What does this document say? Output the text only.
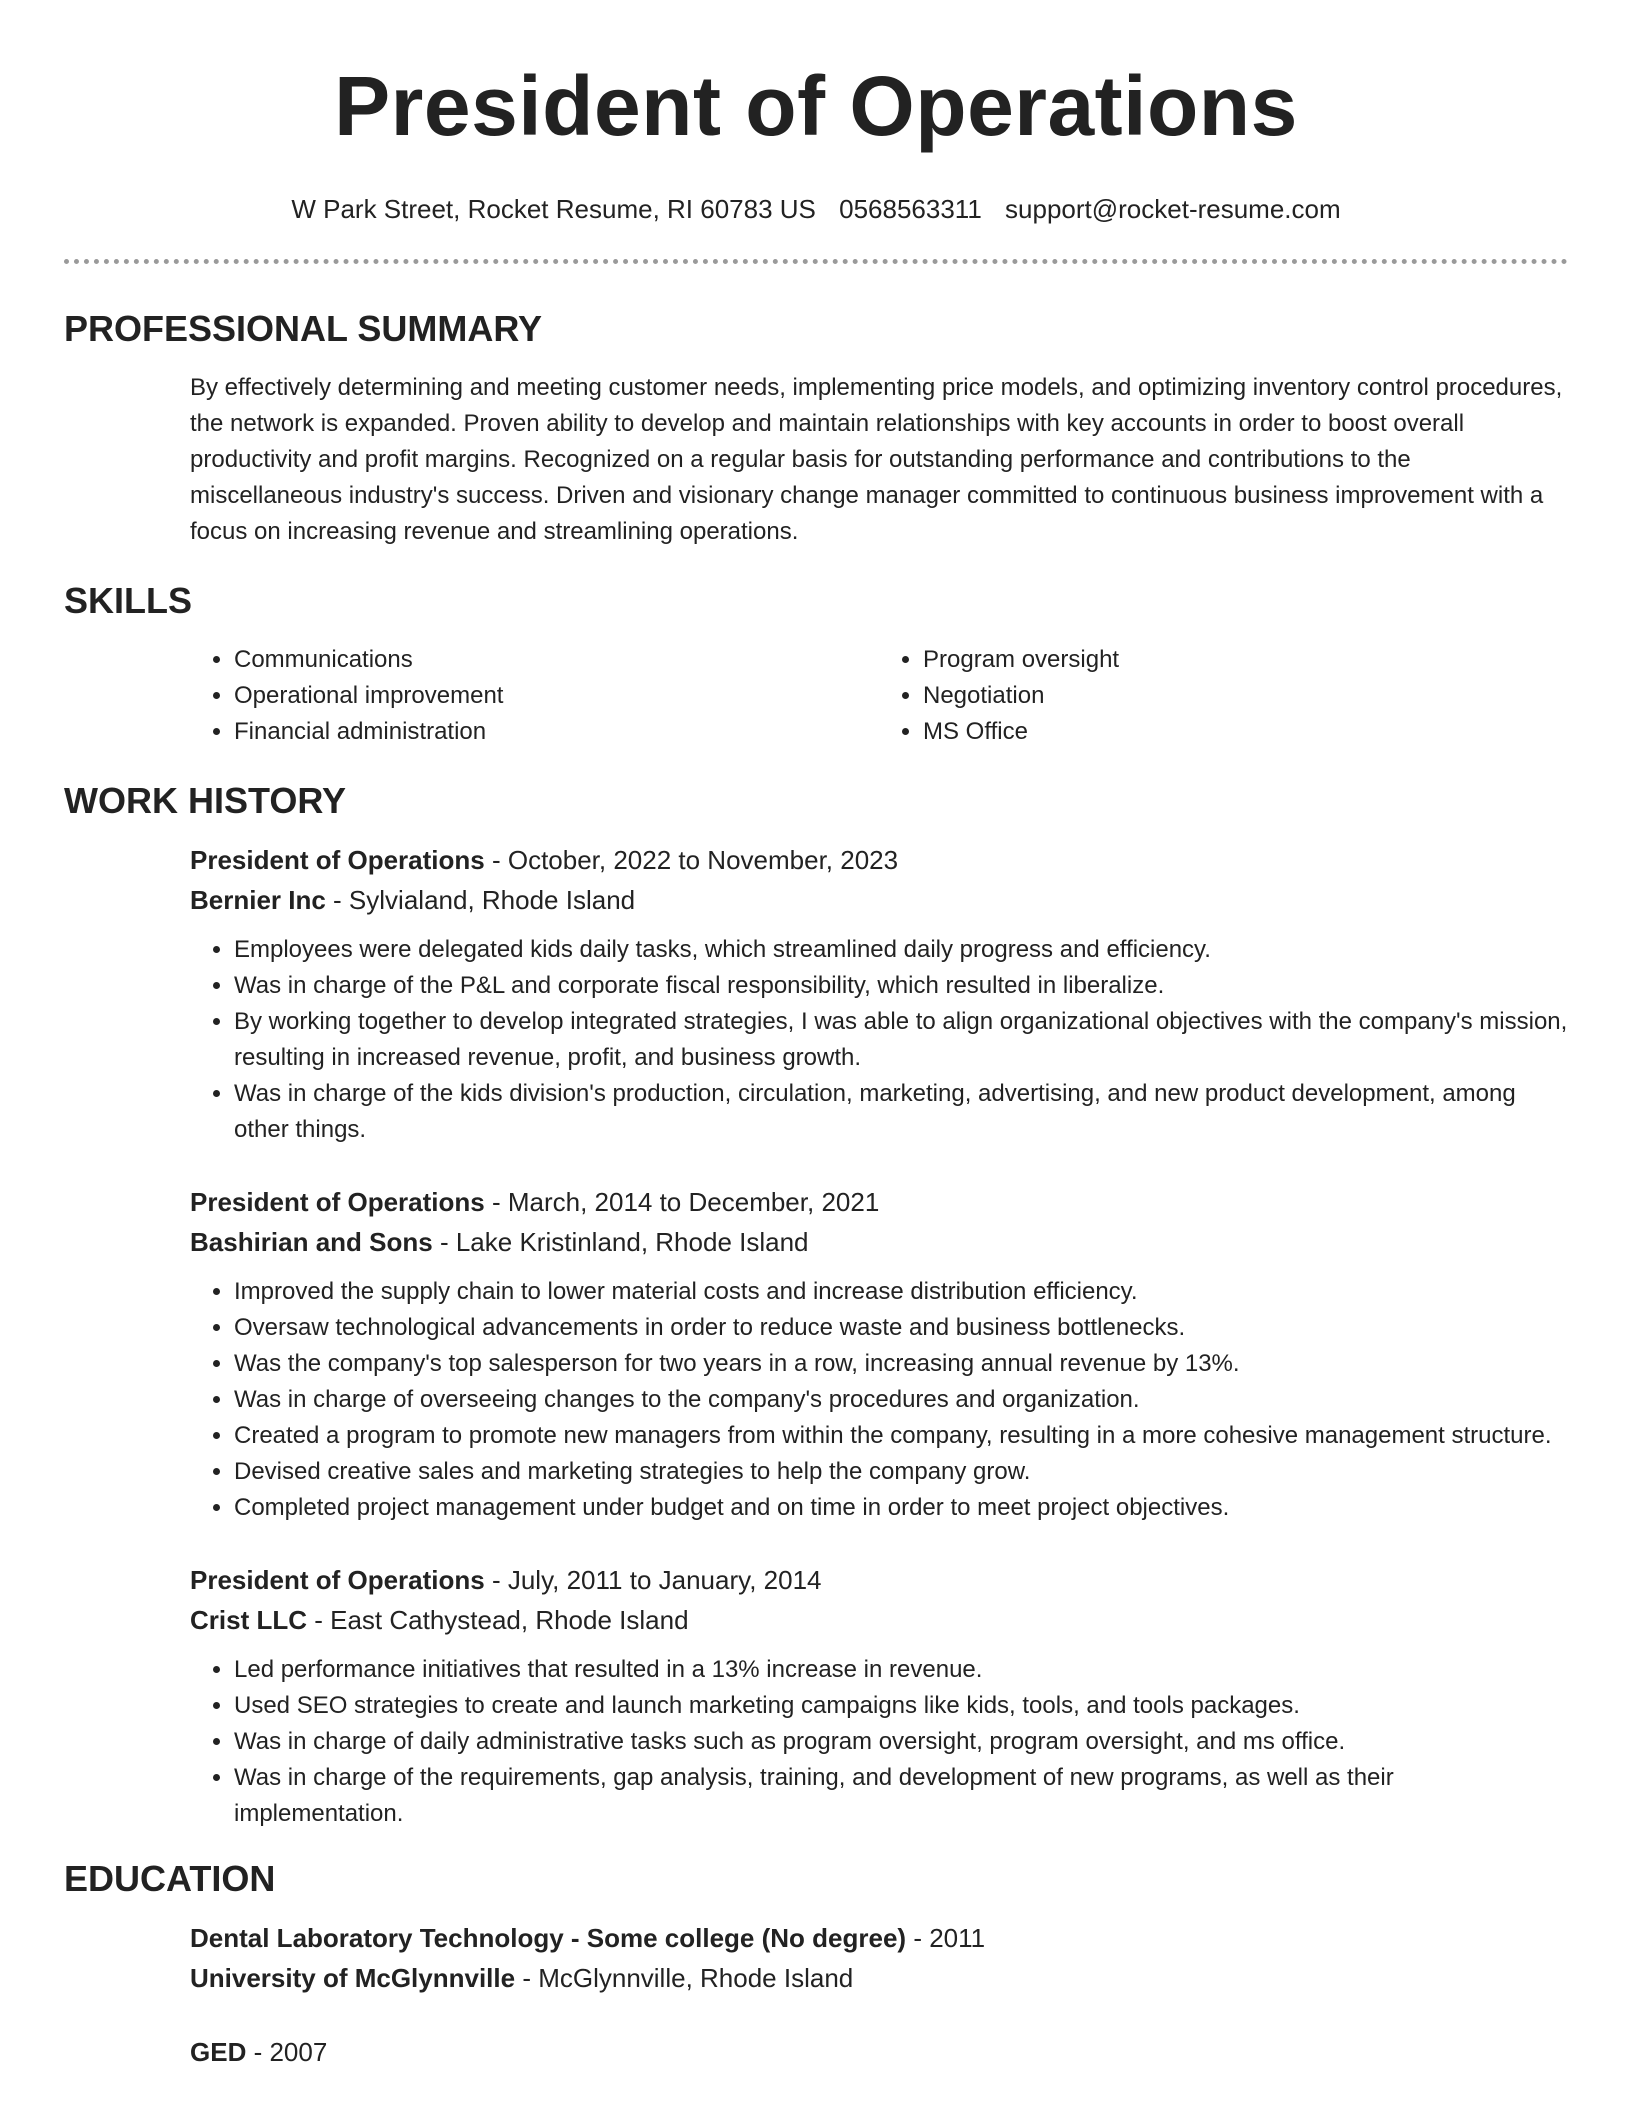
President of Operations
W Park Street, Rocket Resume, RI 60783 US 0568563311 support@rocket-resume.com
PROFESSIONAL SUMMARY

By effectively determining and meeting customer needs, implementing price models, and optimizing inventory control procedures, the network is expanded. Proven ability to develop and maintain relationships with key accounts in order to boost overall productivity and profit margins. Recognized on a regular basis for outstanding performance and contributions to the miscellaneous industry's success. Driven and visionary change manager committed to continuous business improvement with a focus on increasing revenue and streamlining operations.

SKILLS
• Communications
• Operational improvement
• Financial administration
• Program oversight
• Negotiation
• MS Office
WORK HISTORY
President of Operations - October, 2022 to November, 2023
Bernier Inc - Sylvialand, Rhode Island
• Employees were delegated kids daily tasks, which streamlined daily progress and efficiency.
• Was in charge of the P&L and corporate fiscal responsibility, which resulted in liberalize.
• By working together to develop integrated strategies, I was able to align organizational objectives with the company's mission, resulting in increased revenue, profit, and business growth.
• Was in charge of the kids division's production, circulation, marketing, advertising, and new product development, among other things.
President of Operations - March, 2014 to December, 2021
Bashirian and Sons - Lake Kristinland, Rhode Island
• Improved the supply chain to lower material costs and increase distribution efficiency.
• Oversaw technological advancements in order to reduce waste and business bottlenecks.
• Was the company's top salesperson for two years in a row, increasing annual revenue by 13%.
• Was in charge of overseeing changes to the company's procedures and organization.
• Created a program to promote new managers from within the company, resulting in a more cohesive management structure.
• Devised creative sales and marketing strategies to help the company grow.
• Completed project management under budget and on time in order to meet project objectives.
President of Operations - July, 2011 to January, 2014
Crist LLC - East Cathystead, Rhode Island
• Led performance initiatives that resulted in a 13% increase in revenue.
• Used SEO strategies to create and launch marketing campaigns like kids, tools, and tools packages.
• Was in charge of daily administrative tasks such as program oversight, program oversight, and ms office.
• Was in charge of the requirements, gap analysis, training, and development of new programs, as well as their implementation.
EDUCATION
Dental Laboratory Technology - Some college (No degree) - 2011
University of McGlynnville - McGlynnville, Rhode Island
GED - 2007
